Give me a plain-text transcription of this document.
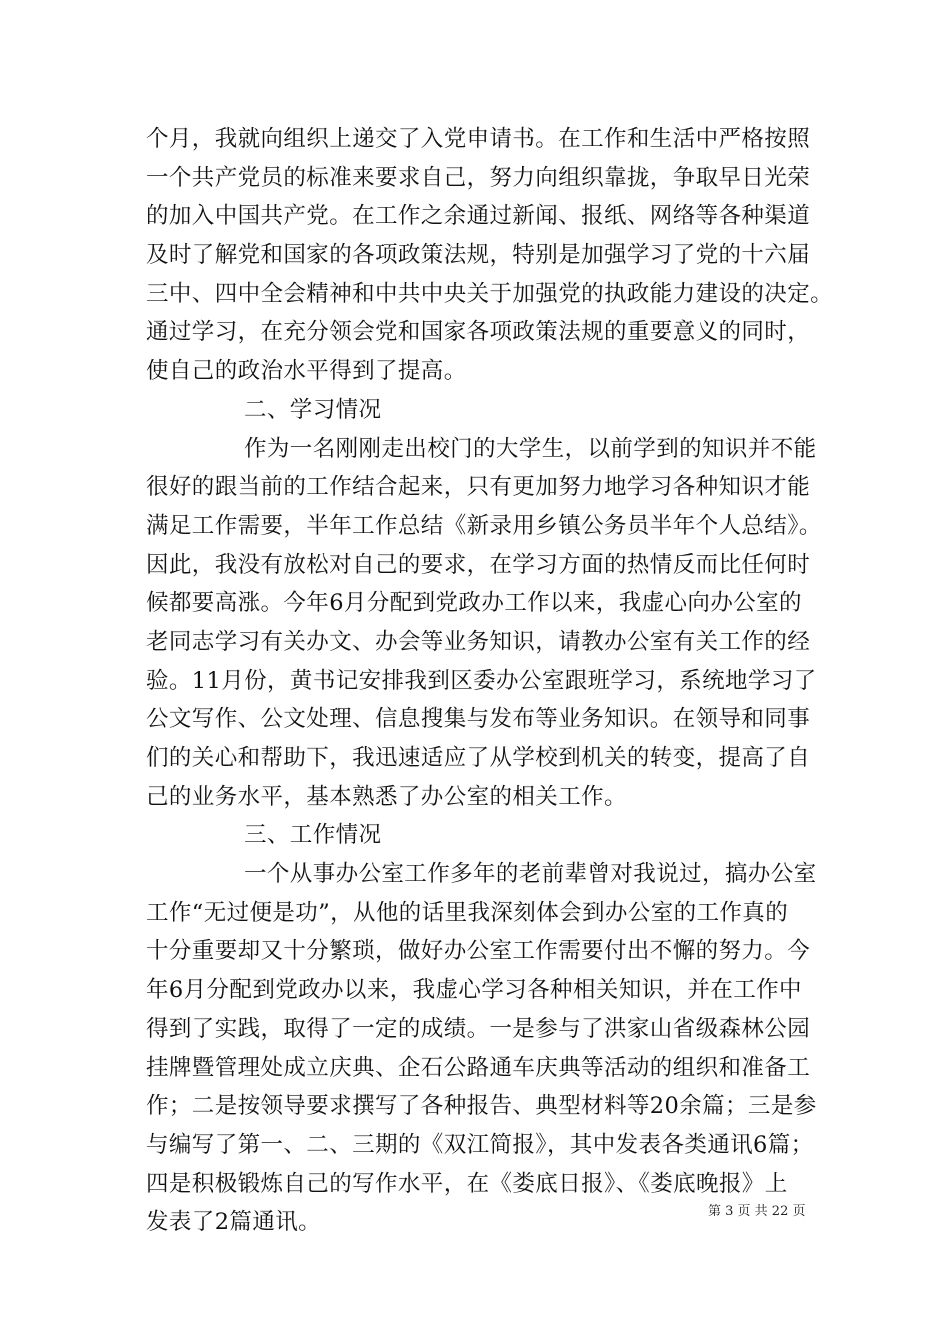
个月，我就向组织上递交了入党申请书。在工作和生活中严格按照
一个共产党员的标准来要求自己，努力向组织靠拢，争取早日光荣
的加入中国共产党。在工作之余通过新闻、报纸、网络等各种渠道
及时了解党和国家的各项政策法规，特别是加强学习了党的十六届
三中、四中全会精神和中共中央关于加强党的执政能力建设的决定。
通过学习，在充分领会党和国家各项政策法规的重要意义的同时，
使自己的政治水平得到了提高。
二、学习情况
作为一名刚刚走出校门的大学生，以前学到的知识并不能
很好的跟当前的工作结合起来，只有更加努力地学习各种知识才能
满足工作需要，半年工作总结《新录用乡镇公务员半年个人总结》。
因此，我没有放松对自己的要求，在学习方面的热情反而比任何时
候都要高涨。今年6月分配到党政办工作以来，我虚心向办公室的
老同志学习有关办文、办会等业务知识，请教办公室有关工作的经
验。11月份，黄书记安排我到区委办公室跟班学习，系统地学习了
公文写作、公文处理、信息搜集与发布等业务知识。在领导和同事
们的关心和帮助下，我迅速适应了从学校到机关的转变，提高了自
己的业务水平，基本熟悉了办公室的相关工作。
三、工作情况
一个从事办公室工作多年的老前辈曾对我说过，搞办公室
工作“无过便是功”，从他的话里我深刻体会到办公室的工作真的
十分重要却又十分繁琐，做好办公室工作需要付出不懈的努力。今
年6月分配到党政办以来，我虚心学习各种相关知识，并在工作中
得到了实践，取得了一定的成绩。一是参与了洪家山省级森林公园
挂牌暨管理处成立庆典、企石公路通车庆典等活动的组织和准备工
作；二是按领导要求撰写了各种报告、典型材料等20余篇；三是参
与编写了第一、二、三期的《双江简报》，其中发表各类通讯6篇；
四是积极锻炼自己的写作水平，在《娄底日报》、《娄底晚报》上
发表了2篇通讯。	第 3 页 共 22 页
